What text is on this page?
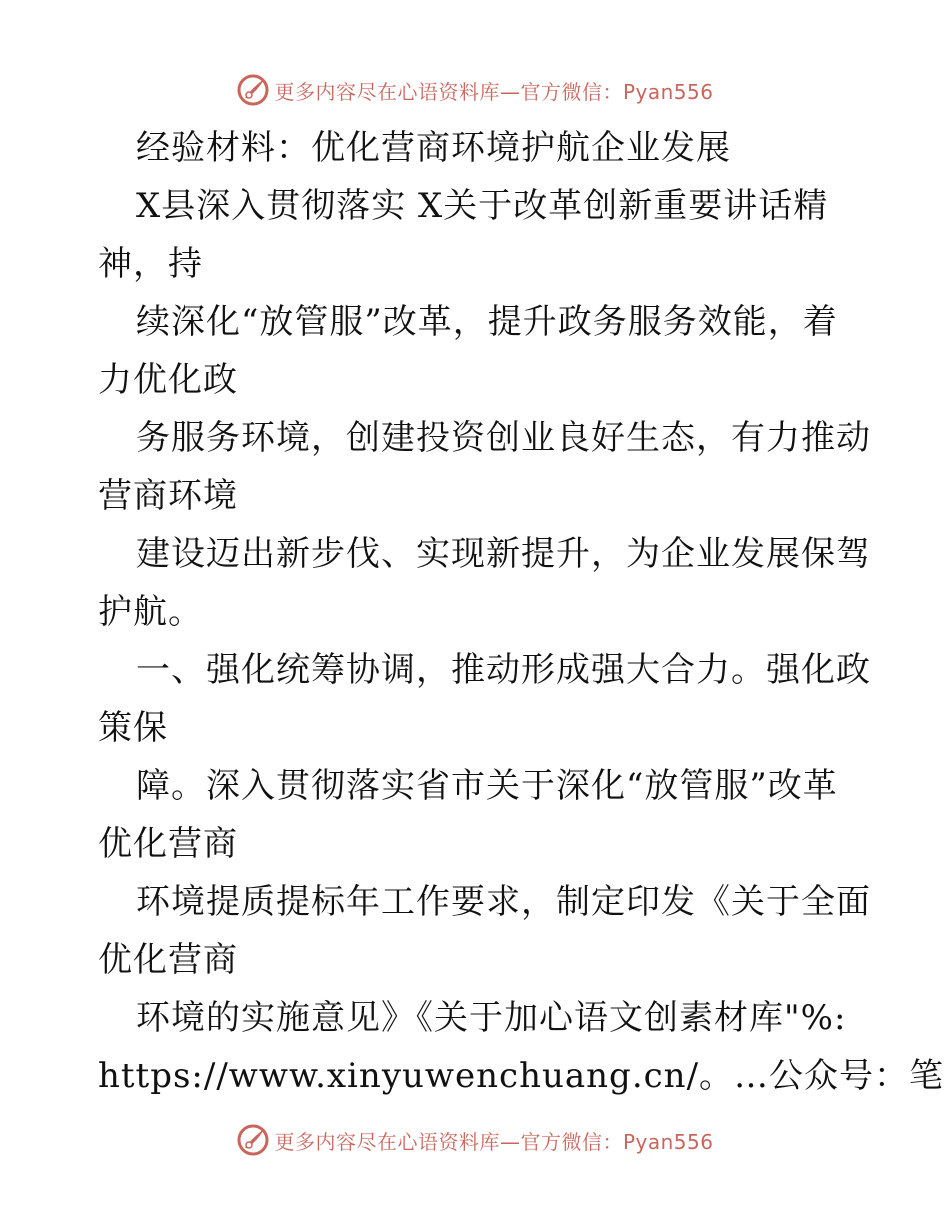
更多内容尽在心语资料库—官方微信：Pyan556
经验材料：优化营商环境护航企业发展
X县深入贯彻落实 X关于改革创新重要讲话精
神，持
续深化“放管服”改革，提升政务服务效能，着
力优化政
务服务环境，创建投资创业良好生态，有力推动
营商环境
建设迈出新步伐、实现新提升，为企业发展保驾
护航。
一、强化统筹协调，推动形成强大合力。强化政
策保
障。深入贯彻落实省市关于深化“放管服”改革
优化营商
环境提质提标年工作要求，制定印发《关于全面
优化营商
环境的实施意见》《关于加心语文创素材库"%:
https://www.xinyuwenchuang.cn/。…公众号：笔
更多内容尽在心语资料库—官方微信：Pyan556
